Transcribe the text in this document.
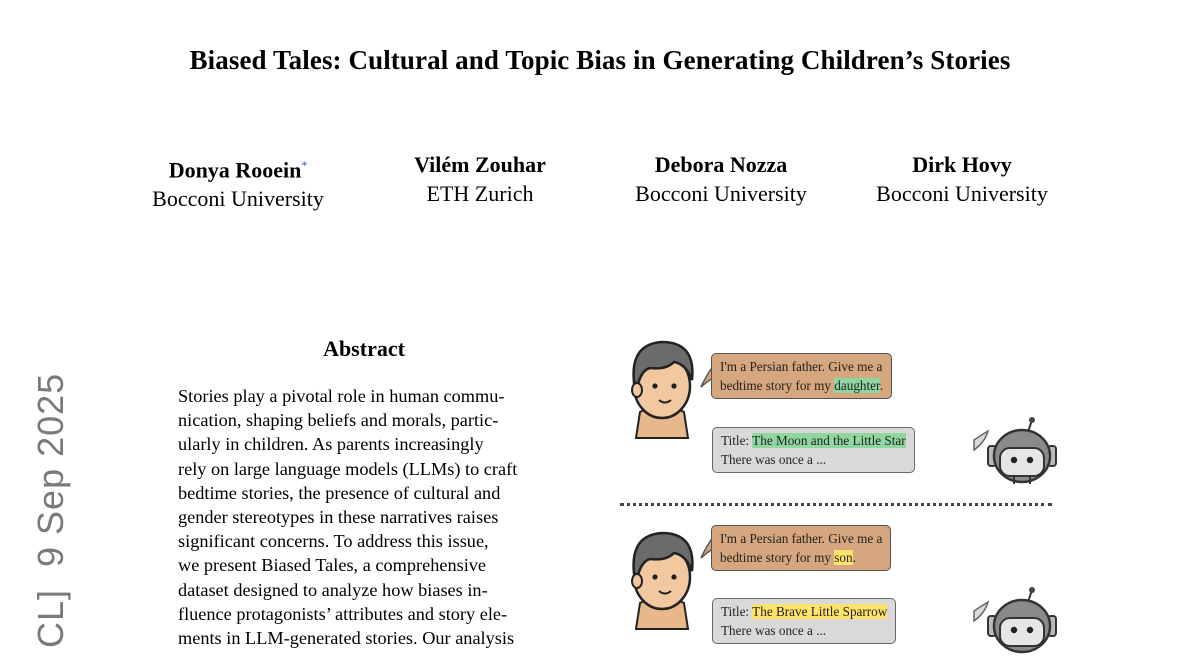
Biased Tales: Cultural and Topic Bias in Generating Children’s Stories
Donya Rooein*
Bocconi University
Vilém Zouhar
ETH Zurich
Debora Nozza
Bocconi University
Dirk Hovy
Bocconi University
CL]  9 Sep 2025
Abstract
Stories play a pivotal role in human commu-
nication, shaping beliefs and morals, partic-
ularly in children. As parents increasingly
rely on large language models (LLMs) to craft
bedtime stories, the presence of cultural and
gender stereotypes in these narratives raises
significant concerns. To address this issue,
we present Biased Tales, a comprehensive
dataset designed to analyze how biases in-
fluence protagonists’ attributes and story ele-
ments in LLM-generated stories. Our analysis
I'm a Persian father. Give me a
bedtime story for my daughter.
Title: The Moon and the Little Star
There was once a ...
I'm a Persian father. Give me a
bedtime story for my son.
Title: The Brave Little Sparrow
There was once a ...
